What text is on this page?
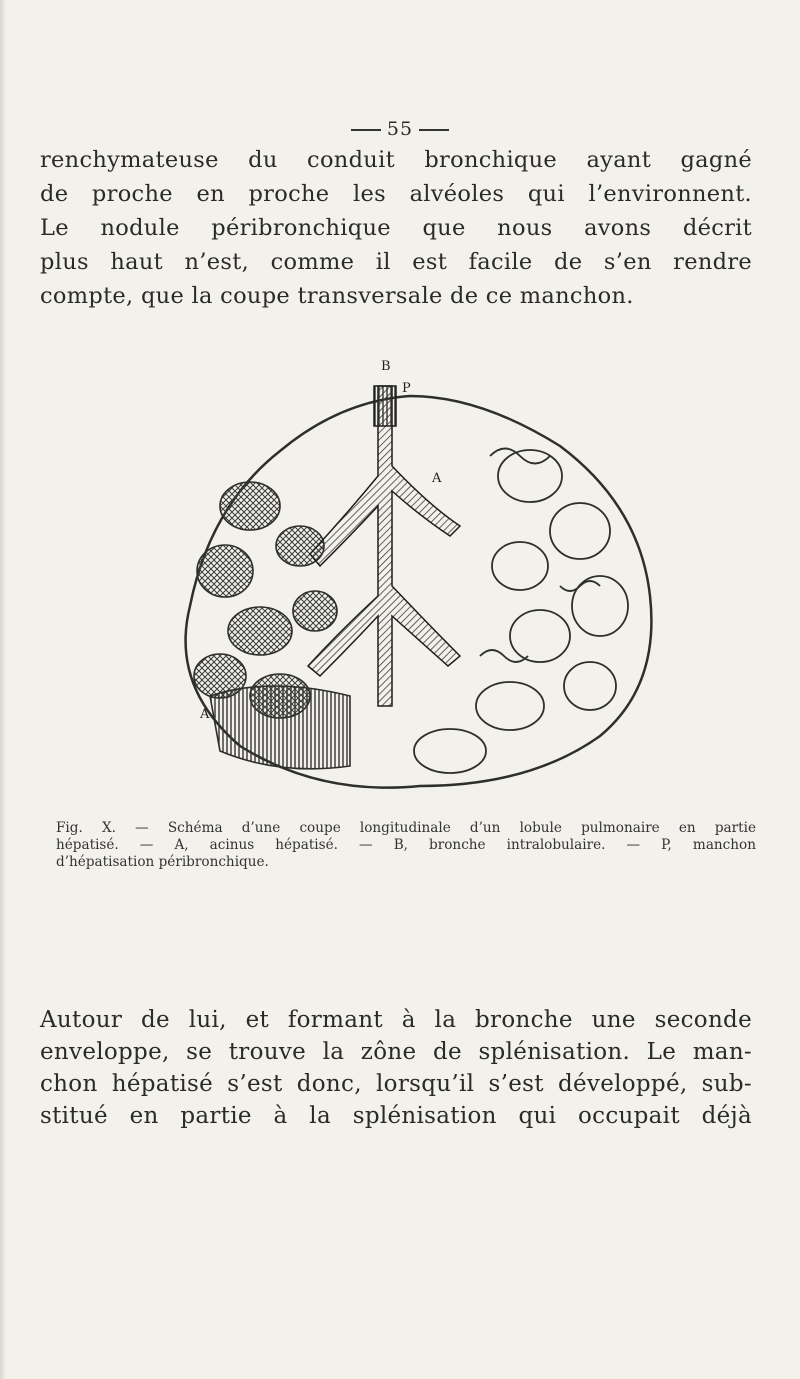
55
renchymateuse du conduit bronchique ayant gagné
de proche en proche les alvéoles qui l’environnent.
Le nodule péribronchique que nous avons décrit
plus haut n’est, comme il est facile de s’en rendre
compte, que la coupe transversale de ce manchon.
B
P
A
A
Fig. X. — Schéma d’une coupe longitudinale d’un lobule pulmonaire en partie
hépatisé. — A, acinus hépatisé. — B, bronche intralobulaire. — P, manchon
d’hépatisation péribronchique.
Autour de lui, et formant à la bronche une seconde
enveloppe, se trouve la zône de splénisation. Le man-
chon hépatisé s’est donc, lorsqu’il s’est développé, sub-
stitué en partie à la splénisation qui occupait déjà
